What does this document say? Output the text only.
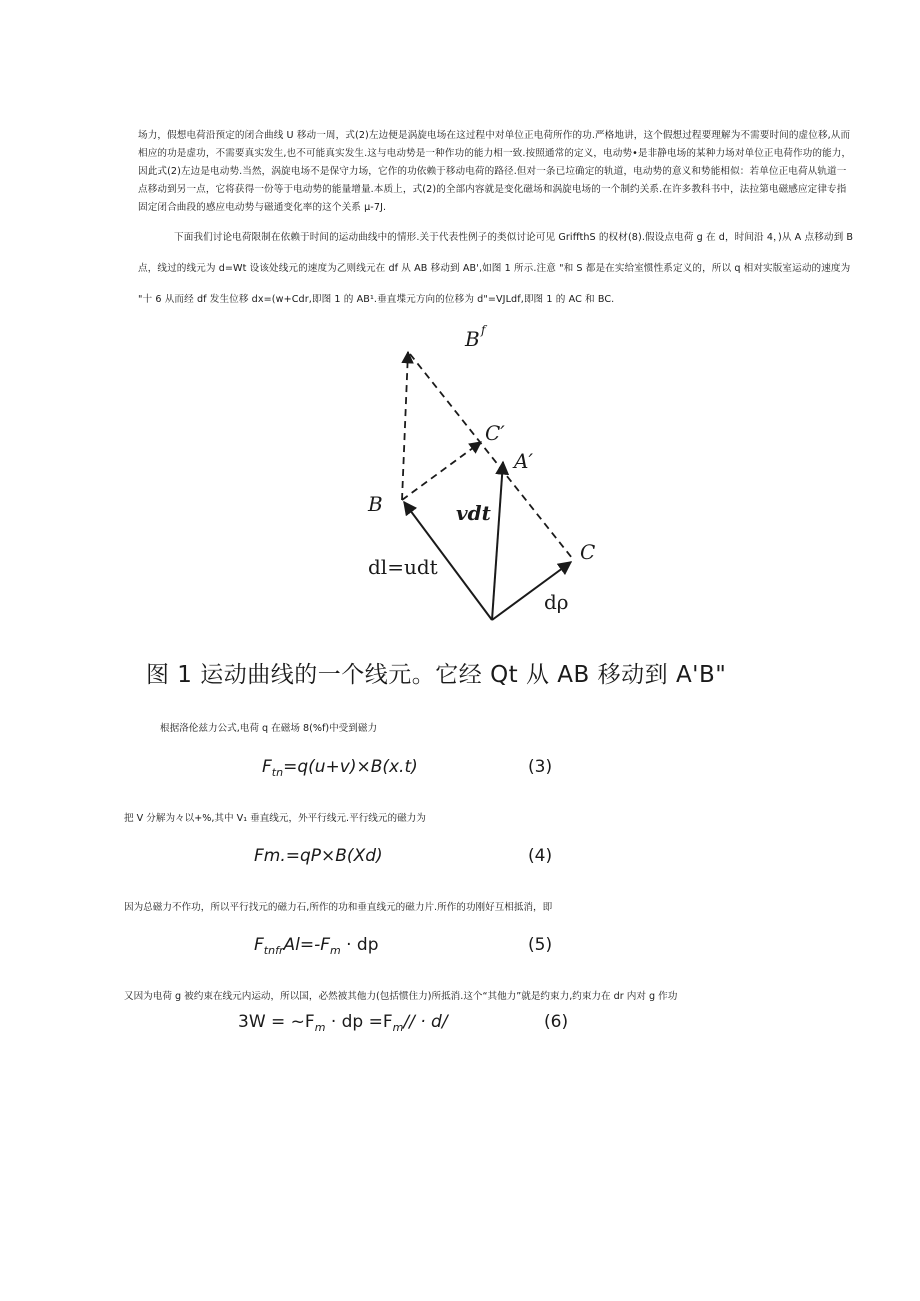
场力，假想电荷沿预定的闭合曲线 U 移动一周，式(2)左边便是涡旋电场在这过程中对单位正电荷所作的功.严格地讲，这个假想过程要理解为不需要时间的虚位移,从而
相应的功是虚功，不需要真实发生,也不可能真实发生.这与电动势是一种作功的能力相一致.按照通常的定义，电动势•是非静电场的某种力场对单位正电荷作功的能力，
因此式(2)左边是电动势.当然，涡旋电场不是保守力场，它作的功依赖于移动电荷的路径.但对一条已垃确定的轨道，电动势的意义和势能相似：若单位正电荷从轨道一
点移动到另一点，它将获得一份等于电动势的能量增量.本质上，式(2)的全部内容就是变化磁场和涡旋电场的一个制约关系.在许多教科书中，法拉第电磁感应定律专指
固定闭合曲段的感应电动势与磁通变化率的这个关系 μ-7J.
下面我们讨论电荷限制在依赖于时间的运动曲线中的情形.关于代表性例子的类似讨论可见 GriffthS 的权材(8).假设点电荷 g 在 d，时间沿 4，)从 A 点移动到 B
点，线过的线元为 d=Wt 设该处线元的速度为乙则线元在 df 从 AB 移动到 AB',如图 1 所示.注意 "和 S 都是在实给室惯性系定义的，所以 q 相对实版室运动的速度为
"十 6 从而经 df 发生位移 dx=(w+Cdr,即图 1 的 AB¹.垂直堞元方向的位移为 d"=VJLdf,即图 1 的 AC 和 BC.
B f
C′
A′
B
C
vdt
dl=udt
dρ
图 1 运动曲线的一个线元。它经 Qt 从 AB 移动到 A'B"
根据洛伦兹力公式,电荷 q 在磁场 8(%f)中受到磁力
$F_{tn}=q(u+v)\times B(x.t)$	(3)
把 V 分解为々以+%,其中 V₁ 垂直线元，外平行线元.平行线元的磁力为
Fm.=qP×B(Xd)	(4)
因为总磁力不作功，所以平行找元的磁力石,所作的功和垂直线元的磁力片.所作的功刚好互相抵消，即
$F_{tnfr}Al=-F_m$ · dp	(5)
又因为电荷 g 被约束在线元内运动，所以国，必然被其他力(包括惯住力)所抵消.这个“其他力”就是约束力,约束力在 dr 内对 g 作功
$3W = \sim F_m$ · dp $=F_m∕∕ \cdot d/$	(6)
